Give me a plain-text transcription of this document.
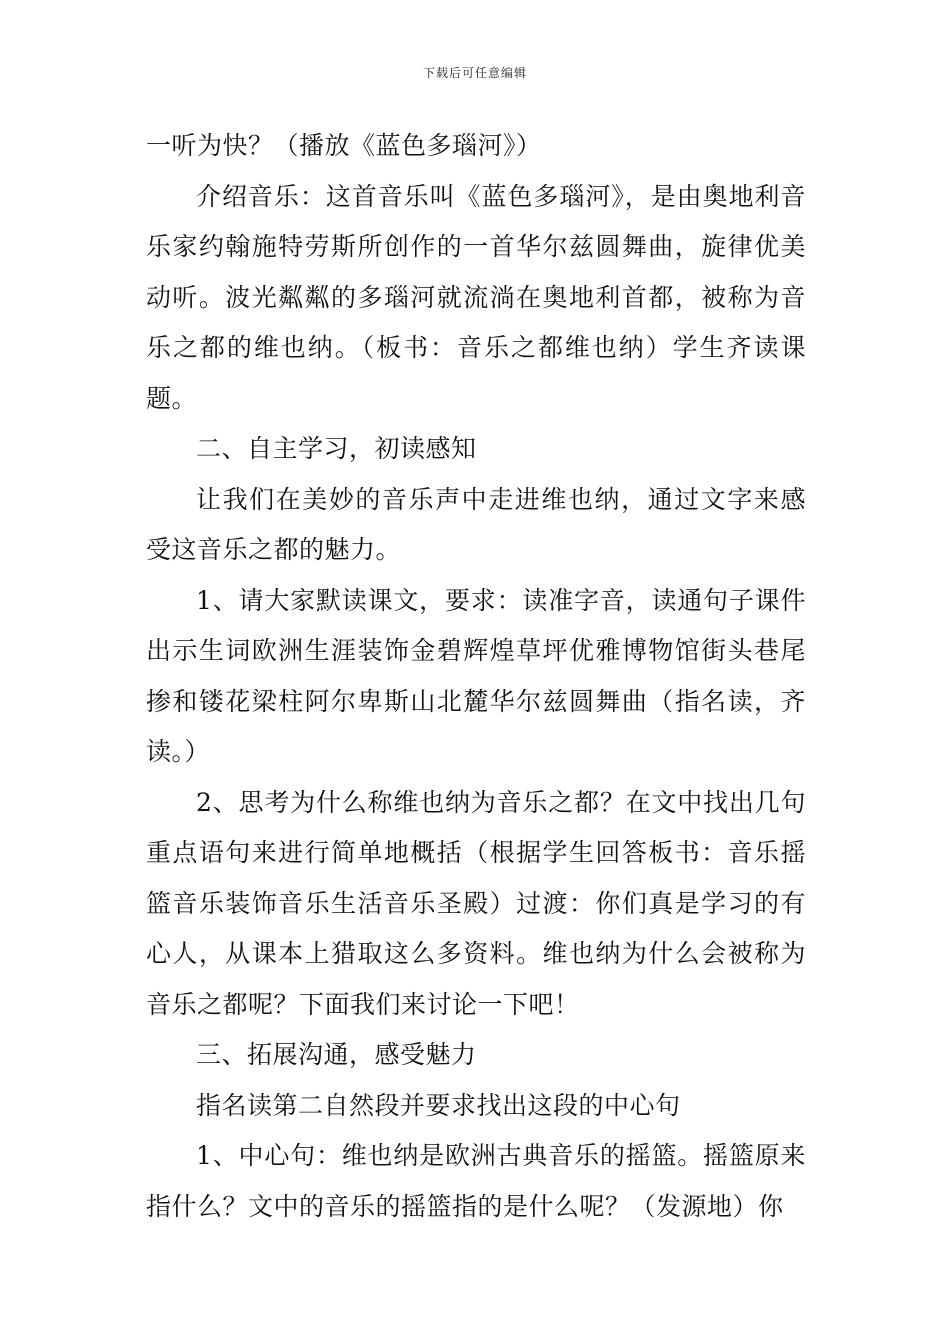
下载后可任意编辑

一听为快？（播放《蓝色多瑙河》）

介绍音乐：这首音乐叫《蓝色多瑙河》，是由奥地利音乐家约翰施特劳斯所创作的一首华尔兹圆舞曲，旋律优美动听。波光粼粼的多瑙河就流淌在奥地利首都，被称为音乐之都的维也纳。（板书：音乐之都维也纳）学生齐读课题。

二、自主学习，初读感知

让我们在美妙的音乐声中走进维也纳，通过文字来感受这音乐之都的魅力。

1、请大家默读课文，要求：读准字音，读通句子课件出示生词欧洲生涯装饰金碧辉煌草坪优雅博物馆街头巷尾掺和镂花梁柱阿尔卑斯山北麓华尔兹圆舞曲（指名读，齐读。）

2、思考为什么称维也纳为音乐之都？在文中找出几句重点语句来进行简单地概括（根据学生回答板书：音乐摇篮音乐装饰音乐生活音乐圣殿）过渡：你们真是学习的有心人，从课本上猎取这么多资料。维也纳为什么会被称为音乐之都呢？下面我们来讨论一下吧！

三、拓展沟通，感受魅力

指名读第二自然段并要求找出这段的中心句

1、中心句：维也纳是欧洲古典音乐的摇篮。摇篮原来指什么？文中的音乐的摇篮指的是什么呢？（发源地）你
